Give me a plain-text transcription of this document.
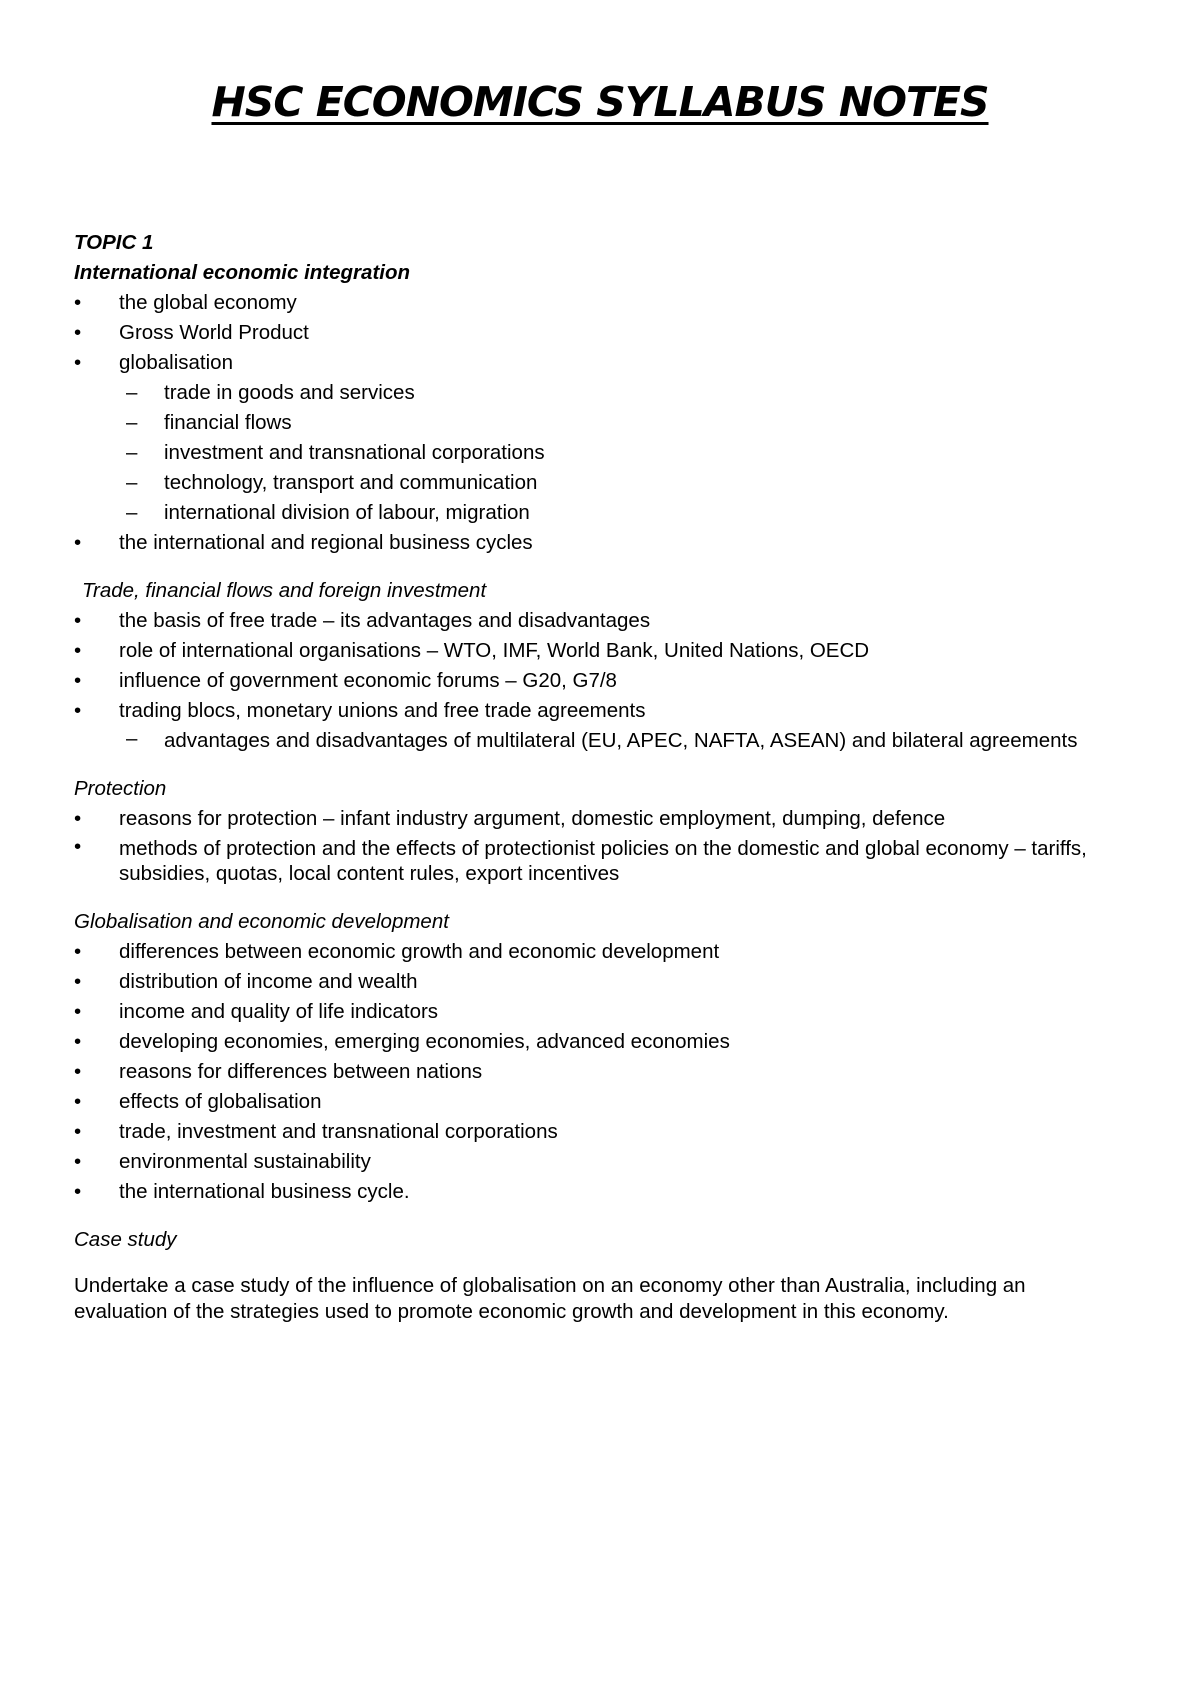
HSC ECONOMICS SYLLABUS NOTES
TOPIC 1
International economic integration
• the global economy
• Gross World Product
• globalisation
– trade in goods and services
– financial flows
– investment and transnational corporations
– technology, transport and communication
– international division of labour, migration
• the international and regional business cycles
Trade, financial flows and foreign investment
• the basis of free trade – its advantages and disadvantages
• role of international organisations – WTO, IMF, World Bank, United Nations, OECD
• influence of government economic forums – G20, G7/8
• trading blocs, monetary unions and free trade agreements
– advantages and disadvantages of multilateral (EU, APEC, NAFTA, ASEAN) and bilateral agreements
Protection
• reasons for protection – infant industry argument, domestic employment, dumping, defence
• methods of protection and the effects of protectionist policies on the domestic and global economy – tariffs, subsidies, quotas, local content rules, export incentives
Globalisation and economic development
• differences between economic growth and economic development
• distribution of income and wealth
• income and quality of life indicators
• developing economies, emerging economies, advanced economies
• reasons for differences between nations
• effects of globalisation
• trade, investment and transnational corporations
• environmental sustainability
• the international business cycle.
Case study
Undertake a case study of the influence of globalisation on an economy other than Australia, including an evaluation of the strategies used to promote economic growth and development in this economy.
